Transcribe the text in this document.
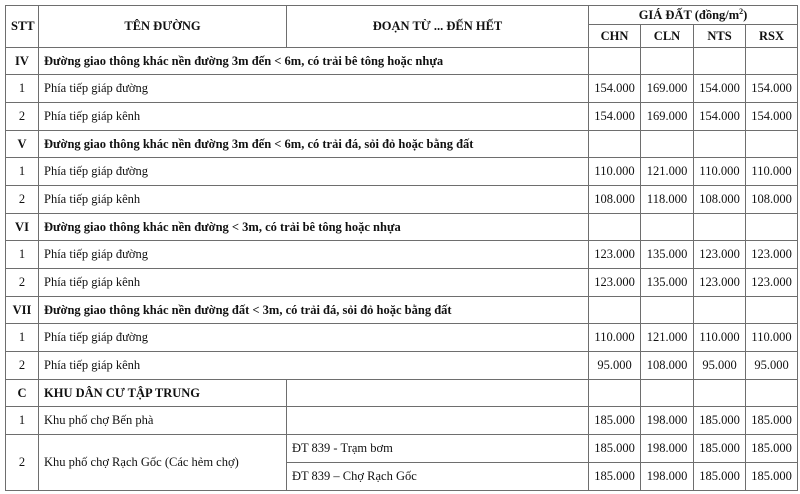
STT	TÊN ĐƯỜNG	ĐOẠN TỪ ... ĐẾN HẾT	GIÁ ĐẤT $(đồng/m^2)$			
			CHN	CLN	NTS	RSX
IV	Đường giao thông khác nền đường 3m đến < 6m, có trải bê tông hoặc nhựa					
1	Phía tiếp giáp đường		154.000	169.000	154.000	154.000
2	Phía tiếp giáp kênh		154.000	169.000	154.000	154.000
V	Đường giao thông khác nền đường 3m đến < 6m, có trải đá, sỏi đỏ hoặc bằng đất					
1	Phía tiếp giáp đường		110.000	121.000	110.000	110.000
2	Phía tiếp giáp kênh		108.000	118.000	108.000	108.000
VI	Đường giao thông khác nền đường < 3m, có trải bê tông hoặc nhựa					
1	Phía tiếp giáp đường		123.000	135.000	123.000	123.000
2	Phía tiếp giáp kênh		123.000	135.000	123.000	123.000
VII	Đường giao thông khác nền đường đất < 3m, có trải đá, sỏi đỏ hoặc bằng đất					
1	Phía tiếp giáp đường		110.000	121.000	110.000	110.000
2	Phía tiếp giáp kênh		95.000	108.000	95.000	95.000
C	KHU DÂN CƯ TẬP TRUNG					
1	Khu phố chợ Bến phà		185.000	198.000	185.000	185.000
2	Khu phố chợ Rạch Gốc (Các hẻm chợ)	ĐT 839 - Trạm bơm	185.000	198.000	185.000	185.000
		ĐT 839 – Chợ Rạch Gốc	185.000	198.000	185.000	185.000
